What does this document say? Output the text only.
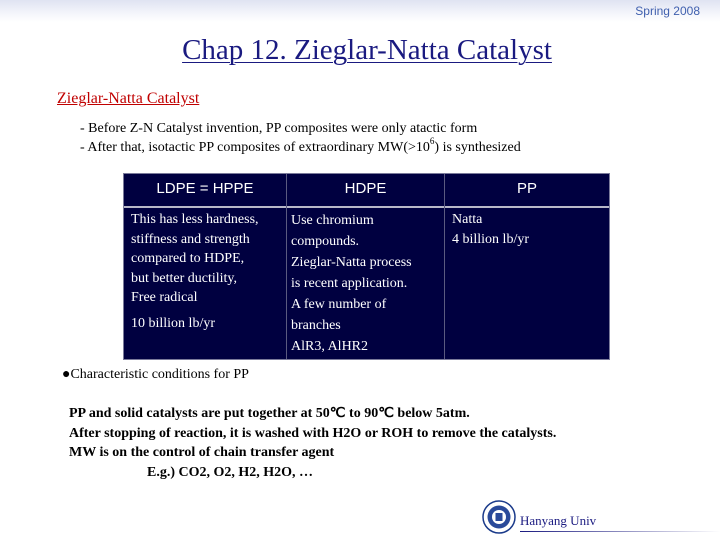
Spring 2008
Chap 12. Zieglar-Natta Catalyst
Zieglar-Natta Catalyst
- Before Z-N Catalyst invention, PP composites were only atactic form
- After that, isotactic PP composites of extraordinary $MW(>10^6)$ is synthesized
LDPE = HPPE	HDPE	PP
This has less hardness,
stiffness and strength
compared to HDPE,
but better ductility,
Free radical
10 billion lb/yr
Use chromium
compounds.
Zieglar-Natta process
is recent application.
A few number of
branches
AlR3, AlHR2
Natta
4 billion lb/yr
●Characteristic conditions for PP
PP and solid catalysts are put together at 50℃ to 90℃ below 5atm.
After stopping of reaction, it is washed with H2O or ROH to remove the catalysts.
MW is on the control of chain transfer agent
E.g.) CO2, O2, H2, H2O, …
Hanyang Univ
